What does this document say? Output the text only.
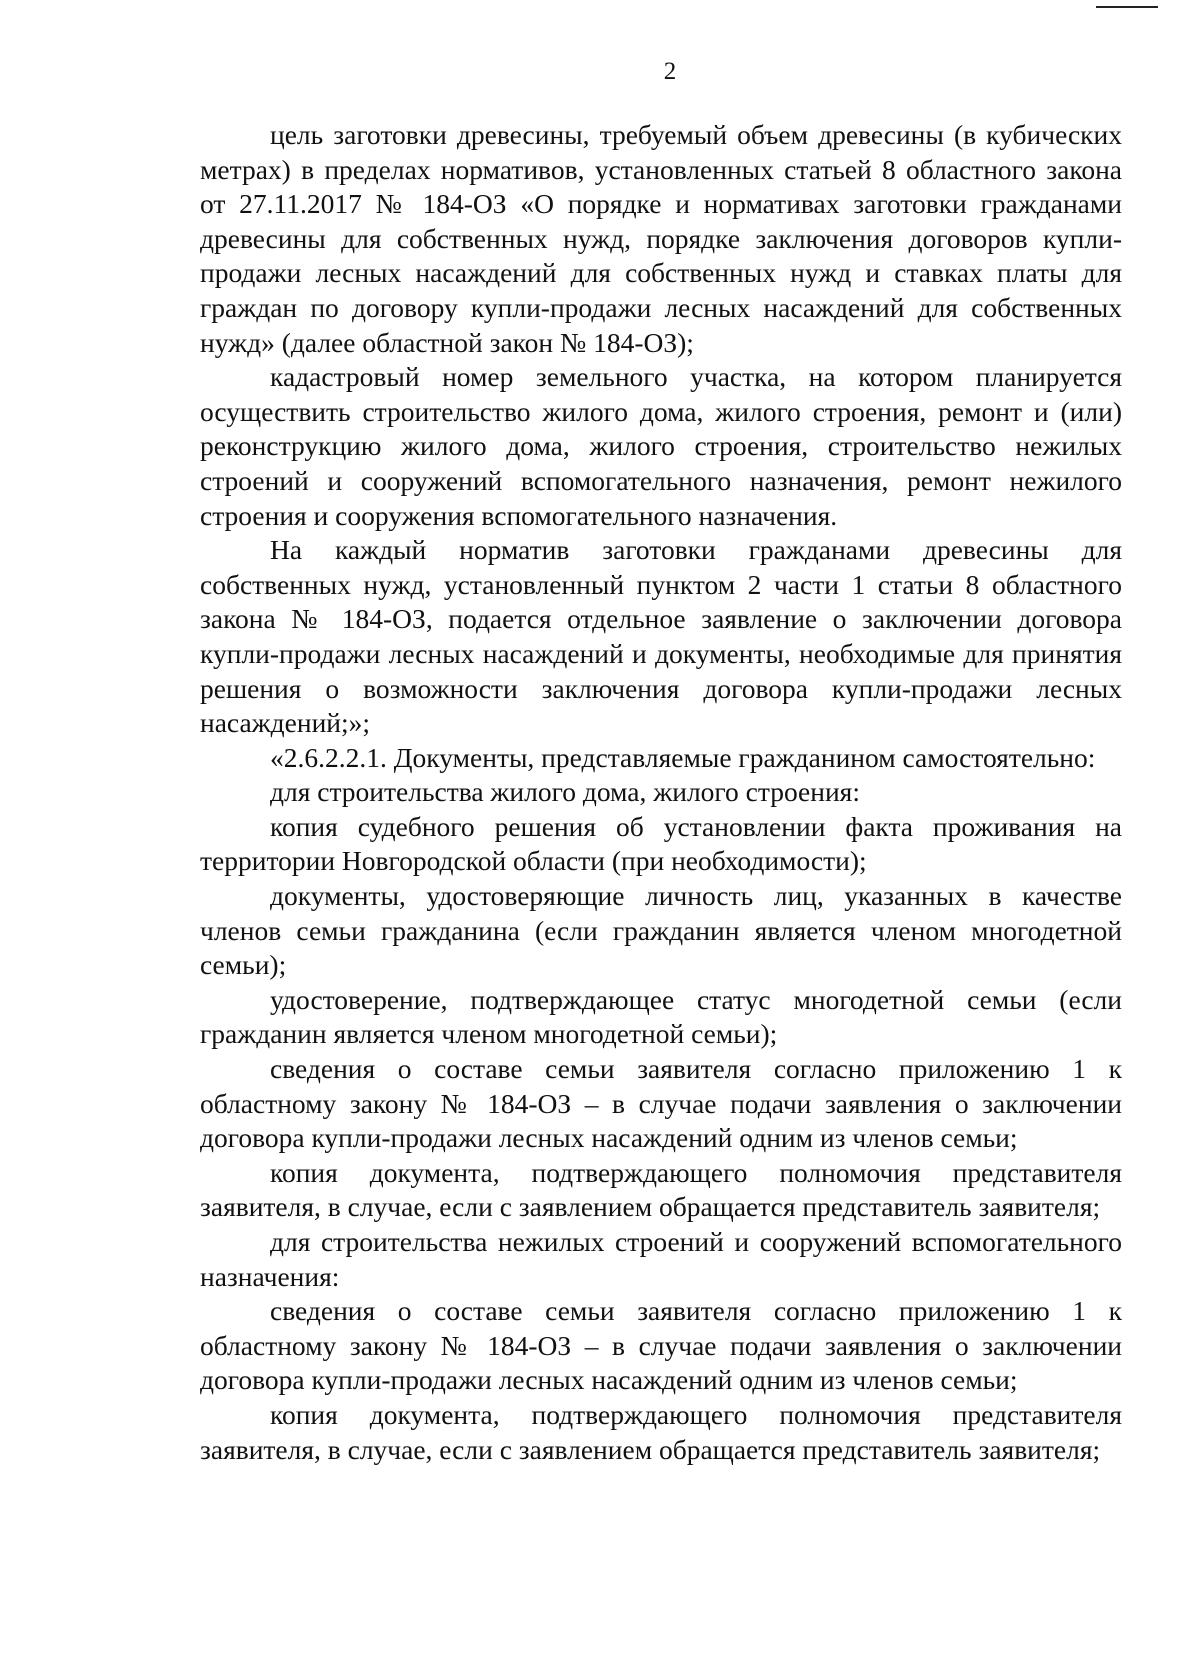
2

цель заготовки древесины, требуемый объем древесины (в кубических метрах) в пределах нормативов, установленных статьей 8 областного закона от 27.11.2017 № 184-ОЗ «О порядке и нормативах заготовки гражданами древесины для собственных нужд, порядке заключения договоров купли-продажи лесных насаждений для собственных нужд и ставках платы для граждан по договору купли-продажи лесных насаждений для собственных нужд» (далее областной закон № 184-ОЗ);

кадастровый номер земельного участка, на котором планируется осуществить строительство жилого дома, жилого строения, ремонт и (или) реконструкцию жилого дома, жилого строения, строительство нежилых строений и сооружений вспомогательного назначения, ремонт нежилого строения и сооружения вспомогательного назначения.

На каждый норматив заготовки гражданами древесины для собственных нужд, установленный пунктом 2 части 1 статьи 8 областного закона № 184-ОЗ, подается отдельное заявление о заключении договора купли-продажи лесных насаждений и документы, необходимые для принятия решения о возможности заключения договора купли-продажи лесных насаждений;»;

«2.6.2.2.1. Документы, представляемые гражданином самостоятельно:

для строительства жилого дома, жилого строения:

копия судебного решения об установлении факта проживания на территории Новгородской области (при необходимости);

документы, удостоверяющие личность лиц, указанных в качестве членов семьи гражданина (если гражданин является членом многодетной семьи);

удостоверение, подтверждающее статус многодетной семьи (если гражданин является членом многодетной семьи);

сведения о составе семьи заявителя согласно приложению 1 к областному закону № 184-ОЗ – в случае подачи заявления о заключении договора купли-продажи лесных насаждений одним из членов семьи;

копия документа, подтверждающего полномочия представителя заявителя, в случае, если с заявлением обращается представитель заявителя;

для строительства нежилых строений и сооружений вспомогательного назначения:

сведения о составе семьи заявителя согласно приложению 1 к областному закону № 184-ОЗ – в случае подачи заявления о заключении договора купли-продажи лесных насаждений одним из членов семьи;

копия документа, подтверждающего полномочия представителя заявителя, в случае, если с заявлением обращается представитель заявителя;
